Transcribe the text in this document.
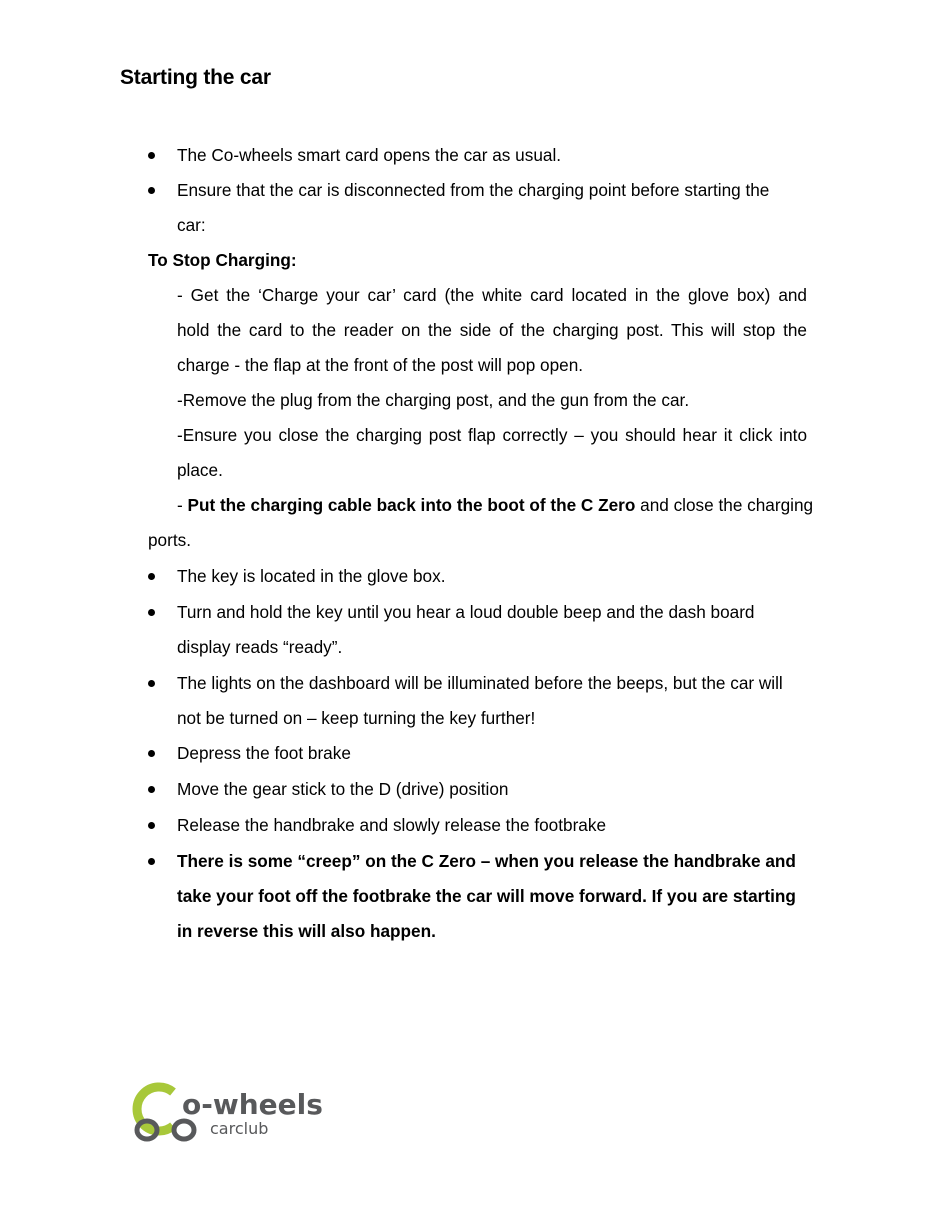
Starting the car
The Co-wheels smart card opens the car as usual.
Ensure that the car is disconnected from the charging point before starting the
car:
To Stop Charging:
- Get the ‘Charge your car’ card (the white card located in the glove box) and
hold the card to the reader on the side of the charging post. This will stop the
charge - the flap at the front of the post will pop open.
-Remove the plug from the charging post, and the gun from the car.
-Ensure you close the charging post flap correctly – you should hear it click into
place.
- Put the charging cable back into the boot of the C Zero and close the charging
ports.
The key is located in the glove box.
Turn and hold the key until you hear a loud double beep and the dash board
display reads “ready”.
The lights on the dashboard will be illuminated before the beeps, but the car will
not be turned on – keep turning the key further!
Depress the foot brake
Move the gear stick to the D (drive) position
Release the handbrake and slowly release the footbrake
There is some “creep” on the C Zero – when you release the handbrake and
take your foot off the footbrake the car will move forward. If you are starting
in reverse this will also happen.
o-wheels
carclub
